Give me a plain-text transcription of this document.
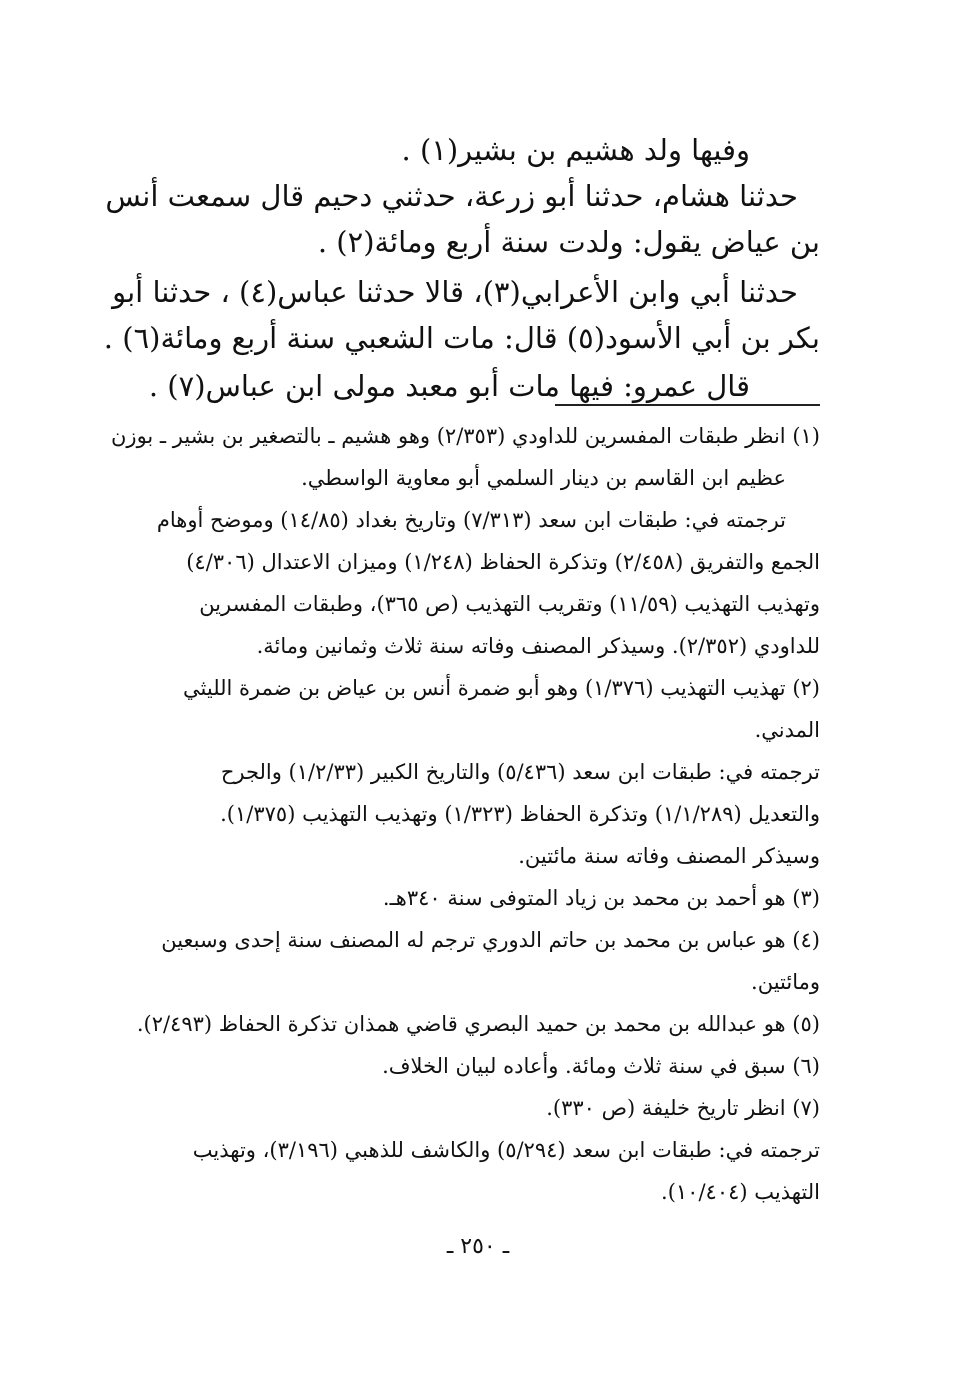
وفيها ولد هشيم بن بشير(١) .
حدثنا هشام، حدثنا أبو زرعة، حدثني دحيم قال سمعت أنس
بن عياض يقول: ولدت سنة أربع ومائة(٢) .
حدثنا أبي وابن الأعرابي(٣)، قالا حدثنا عباس(٤) ، حدثنا أبو
بكر بن أبي الأسود(٥) قال: مات الشعبي سنة أربع ومائة(٦) .
قال عمرو: فيها مات أبو معبد مولى ابن عباس(٧) .
(١) انظر طبقات المفسرين للداودي (٢/٣٥٣) وهو هشيم ـ بالتصغير بن بشير ـ بوزن
عظيم ابن القاسم بن دينار السلمي أبو معاوية الواسطي.
ترجمته في: طبقات ابن سعد (٧/٣١٣) وتاريخ بغداد (١٤/٨٥) وموضح أوهام
الجمع والتفريق (٢/٤٥٨) وتذكرة الحفاظ (١/٢٤٨) وميزان الاعتدال (٤/٣٠٦)
وتهذيب التهذيب (١١/٥٩) وتقريب التهذيب (ص ٣٦٥)، وطبقات المفسرين
للداودي (٢/٣٥٢). وسيذكر المصنف وفاته سنة ثلاث وثمانين ومائة.
(٢) تهذيب التهذيب (١/٣٧٦) وهو أبو ضمرة أنس بن عياض بن ضمرة الليثي
المدني.
ترجمته في: طبقات ابن سعد (٥/٤٣٦) والتاريخ الكبير (١/٢/٣٣) والجرح
والتعديل (١/١/٢٨٩) وتذكرة الحفاظ (١/٣٢٣) وتهذيب التهذيب (١/٣٧٥).
وسيذكر المصنف وفاته سنة مائتين.
(٣) هو أحمد بن محمد بن زياد المتوفى سنة ٣٤٠هـ.
(٤) هو عباس بن محمد بن حاتم الدوري ترجم له المصنف سنة إحدى وسبعين
ومائتين.
(٥) هو عبدالله بن محمد بن حميد البصري قاضي همذان تذكرة الحفاظ (٢/٤٩٣).
(٦) سبق في سنة ثلاث ومائة. وأعاده لبيان الخلاف.
(٧) انظر تاريخ خليفة (ص ٣٣٠).
ترجمته في: طبقات ابن سعد (٥/٢٩٤) والكاشف للذهبي (٣/١٩٦)، وتهذيب
التهذيب (١٠/٤٠٤).
ـ ٢٥٠ ـ
